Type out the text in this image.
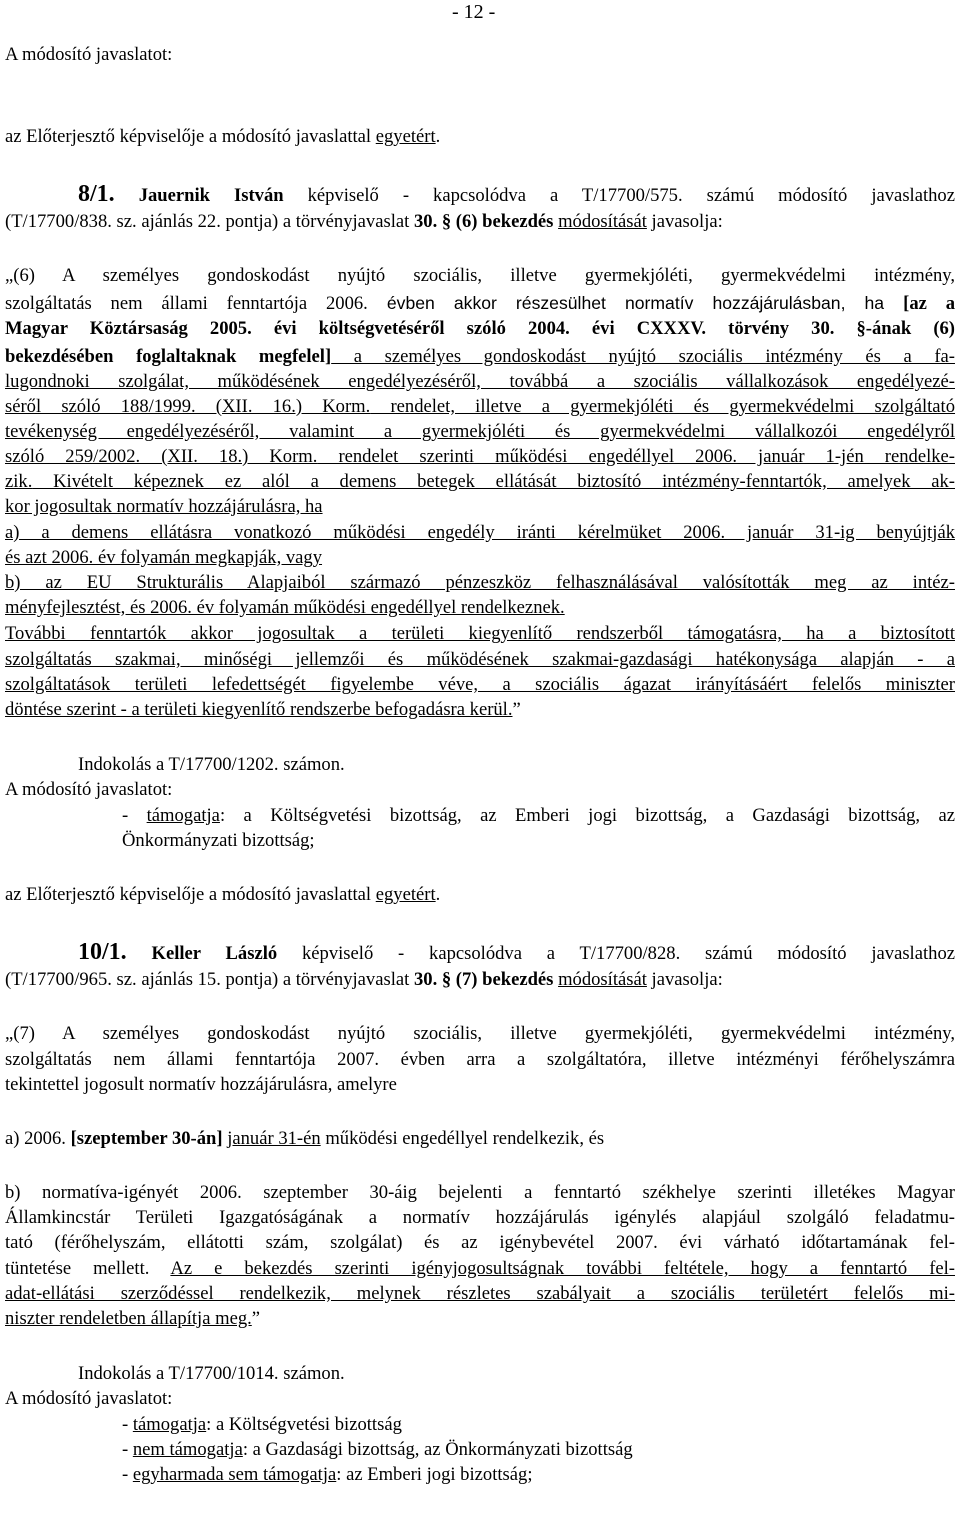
- 12 -
A módosító javaslatot:
az Előterjesztő képviselője a módosító javaslattal egyetért.
8/1. Jauernik István képviselő - kapcsolódva a T/17700/575. számú módosító javaslathoz
(T/17700/838. sz. ajánlás 22. pontja) a törvényjavaslat 30. § (6) bekezdés módosítását javasolja:
„(6) A személyes gondoskodást nyújtó szociális, illetve gyermekjóléti, gyermekvédelmi intézmény,
szolgáltatás nem állami fenntartója 2006. évben akkor részesülhet normatív hozzájárulásban, ha [az a
Magyar Köztársaság 2005. évi költségvetéséről szóló 2004. évi CXXXV. törvény 30. §-ának (6)
bekezdésében foglaltaknak megfelel] a személyes gondoskodást nyújtó szociális intézmény és a fa-
lugondnoki szolgálat, működésének engedélyezéséről, továbbá a szociális vállalkozások engedélyezé-
séről szóló 188/1999. (XII. 16.) Korm. rendelet, illetve a gyermekjóléti és gyermekvédelmi szolgáltató
tevékenység engedélyezéséről, valamint a gyermekjóléti és gyermekvédelmi vállalkozói engedélyről
szóló 259/2002. (XII. 18.) Korm. rendelet szerinti működési engedéllyel 2006. január 1-jén rendelke-
zik. Kivételt képeznek ez alól a demens betegek ellátását biztosító intézmény-fenntartók, amelyek ak-
kor jogosultak normatív hozzájárulásra, ha
a) a demens ellátásra vonatkozó működési engedély iránti kérelmüket 2006. január 31-ig benyújtják
és azt 2006. év folyamán megkapják, vagy
b) az EU Strukturális Alapjaiból származó pénzeszköz felhasználásával valósították meg az intéz-
ményfejlesztést, és 2006. év folyamán működési engedéllyel rendelkeznek.
További fenntartók akkor jogosultak a területi kiegyenlítő rendszerből támogatásra, ha a biztosított
szolgáltatás szakmai, minőségi jellemzői és működésének szakmai-gazdasági hatékonysága alapján - a
szolgáltatások területi lefedettségét figyelembe véve, a szociális ágazat irányításáért felelős miniszter
döntése szerint - a területi kiegyenlítő rendszerbe befogadásra kerül.”
Indokolás a T/17700/1202. számon.
A módosító javaslatot:
- támogatja: a Költségvetési bizottság, az Emberi jogi bizottság, a Gazdasági bizottság, az
Önkormányzati bizottság;
az Előterjesztő képviselője a módosító javaslattal egyetért.
10/1. Keller László képviselő - kapcsolódva a T/17700/828. számú módosító javaslathoz
(T/17700/965. sz. ajánlás 15. pontja) a törvényjavaslat 30. § (7) bekezdés módosítását javasolja:
„(7) A személyes gondoskodást nyújtó szociális, illetve gyermekjóléti, gyermekvédelmi intézmény,
szolgáltatás nem állami fenntartója 2007. évben arra a szolgáltatóra, illetve intézményi férőhelyszámra
tekintettel jogosult normatív hozzájárulásra, amelyre
a) 2006. [szeptember 30-án] január 31-én működési engedéllyel rendelkezik, és
b) normatíva-igényét 2006. szeptember 30-áig bejelenti a fenntartó székhelye szerinti illetékes Magyar
Államkincstár Területi Igazgatóságának a normatív hozzájárulás igénylés alapjául szolgáló feladatmu-
tató (férőhelyszám, ellátotti szám, szolgálat) és az igénybevétel 2007. évi várható időtartamának fel-
tüntetése mellett. Az e bekezdés szerinti igényjogosultságnak további feltétele, hogy a fenntartó fel-
adat-ellátási szerződéssel rendelkezik, melynek részletes szabályait a szociális területért felelős mi-
niszter rendeletben állapítja meg.”
Indokolás a T/17700/1014. számon.
A módosító javaslatot:
- támogatja: a Költségvetési bizottság
- nem támogatja: a Gazdasági bizottság, az Önkormányzati bizottság
- egyharmada sem támogatja: az Emberi jogi bizottság;
